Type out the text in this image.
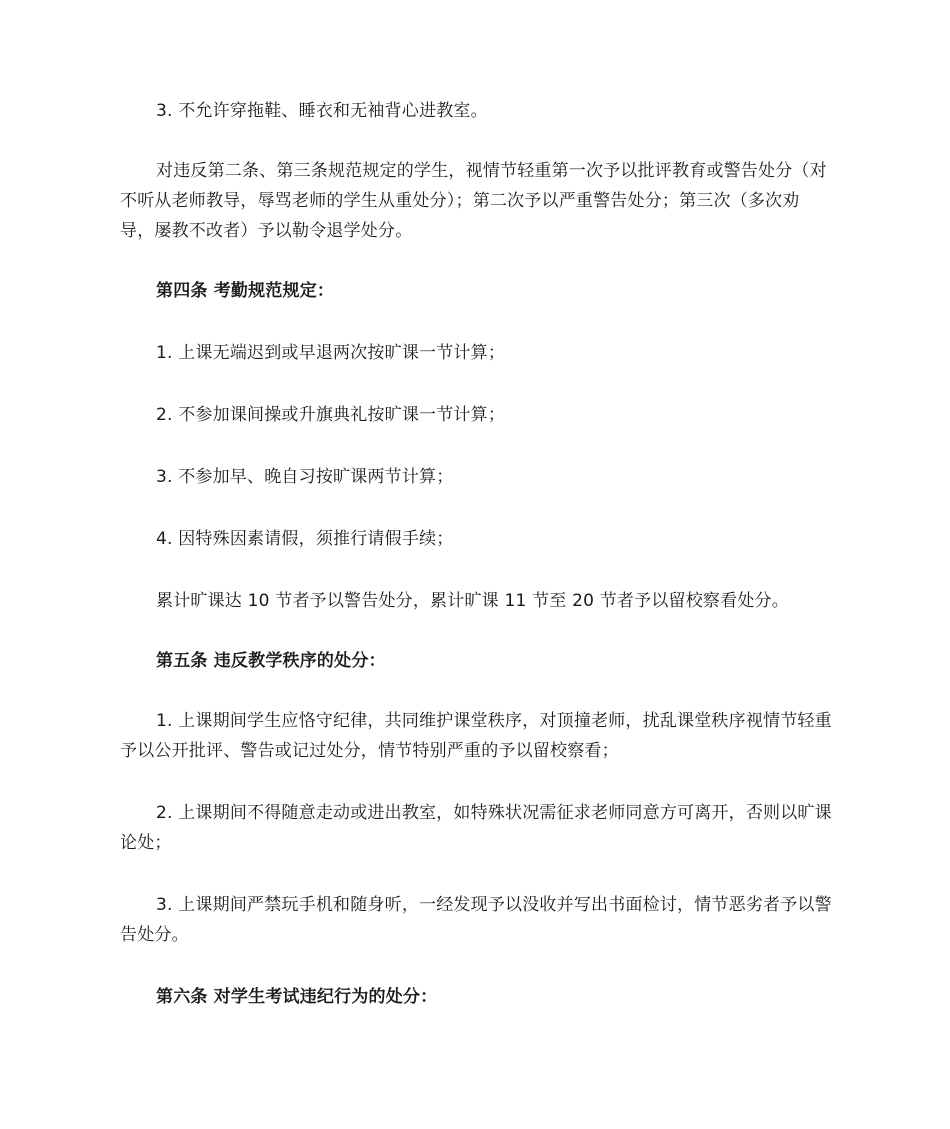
3. 不允许穿拖鞋、睡衣和无袖背心进教室。

对违反第二条、第三条规范规定的学生，视情节轻重第一次予以批评教育或警告处分（对不听从老师教导，辱骂老师的学生从重处分）；第二次予以严重警告处分；第三次（多次劝导，屡教不改者）予以勒令退学处分。

第四条 考勤规范规定：

1. 上课无端迟到或早退两次按旷课一节计算；

2. 不参加课间操或升旗典礼按旷课一节计算；

3. 不参加早、晚自习按旷课两节计算；

4. 因特殊因素请假，须推行请假手续；

累计旷课达 10 节者予以警告处分，累计旷课 11 节至 20 节者予以留校察看处分。

第五条 违反教学秩序的处分：

1. 上课期间学生应恪守纪律，共同维护课堂秩序，对顶撞老师，扰乱课堂秩序视情节轻重予以公开批评、警告或记过处分，情节特别严重的予以留校察看；

2. 上课期间不得随意走动或进出教室，如特殊状况需征求老师同意方可离开，否则以旷课论处；

3. 上课期间严禁玩手机和随身听，一经发现予以没收并写出书面检讨，情节恶劣者予以警告处分。

第六条 对学生考试违纪行为的处分：
